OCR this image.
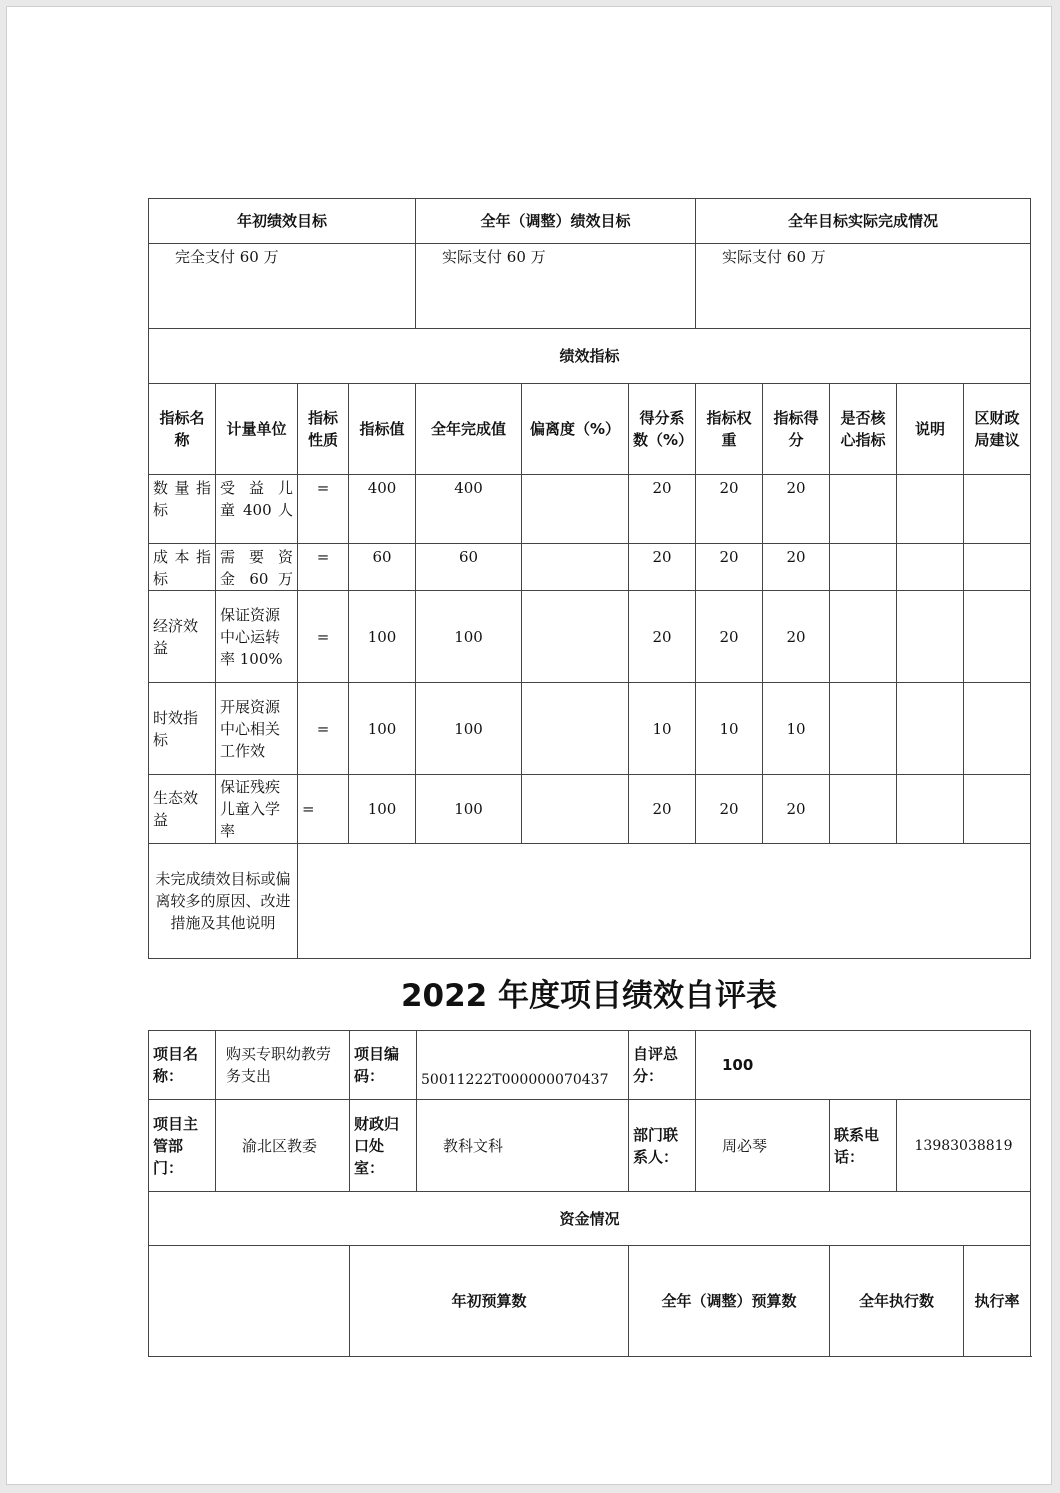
年初绩效目标				全年（调整）绩效目标			全年目标实际完成情况				
完全支付 60 万				实际支付 60 万			实际支付 60 万				
绩效指标											
指标名称	计量单位	指标性质	指标值	全年完成值	偏离度（%）	得分系数（%）	指标权重	指标得分	是否核心指标	说明	区财政局建议
数 量 指标	受 益 儿 童 400 人	=	400	400		20	20	20			
成 本 指标	需 要 资 金 60 万	=	60	60		20	20	20			
经济效益	保证资源中心运转率 100%	=	100	100		20	20	20			
时效指标	开展资源中心相关工作效	=	100	100		10	10	10			
生态效益	保证残疾儿童入学率	=	100	100		20	20	20			
未完成绩效目标或偏离较多的原因、改进措施及其他说明											
2022 年度项目绩效自评表
项目名称：	购买专职幼教劳务支出	项目编码：	50011222T000000070437	自评总分：	100				
项目主管部门：	渝北区教委	财政归口处室：	教科文科	部门联系人：	周必琴	联系电话：	13983038819		
资金情况									
		年初预算数		全年（调整）预算数		全年执行数		执行率		
